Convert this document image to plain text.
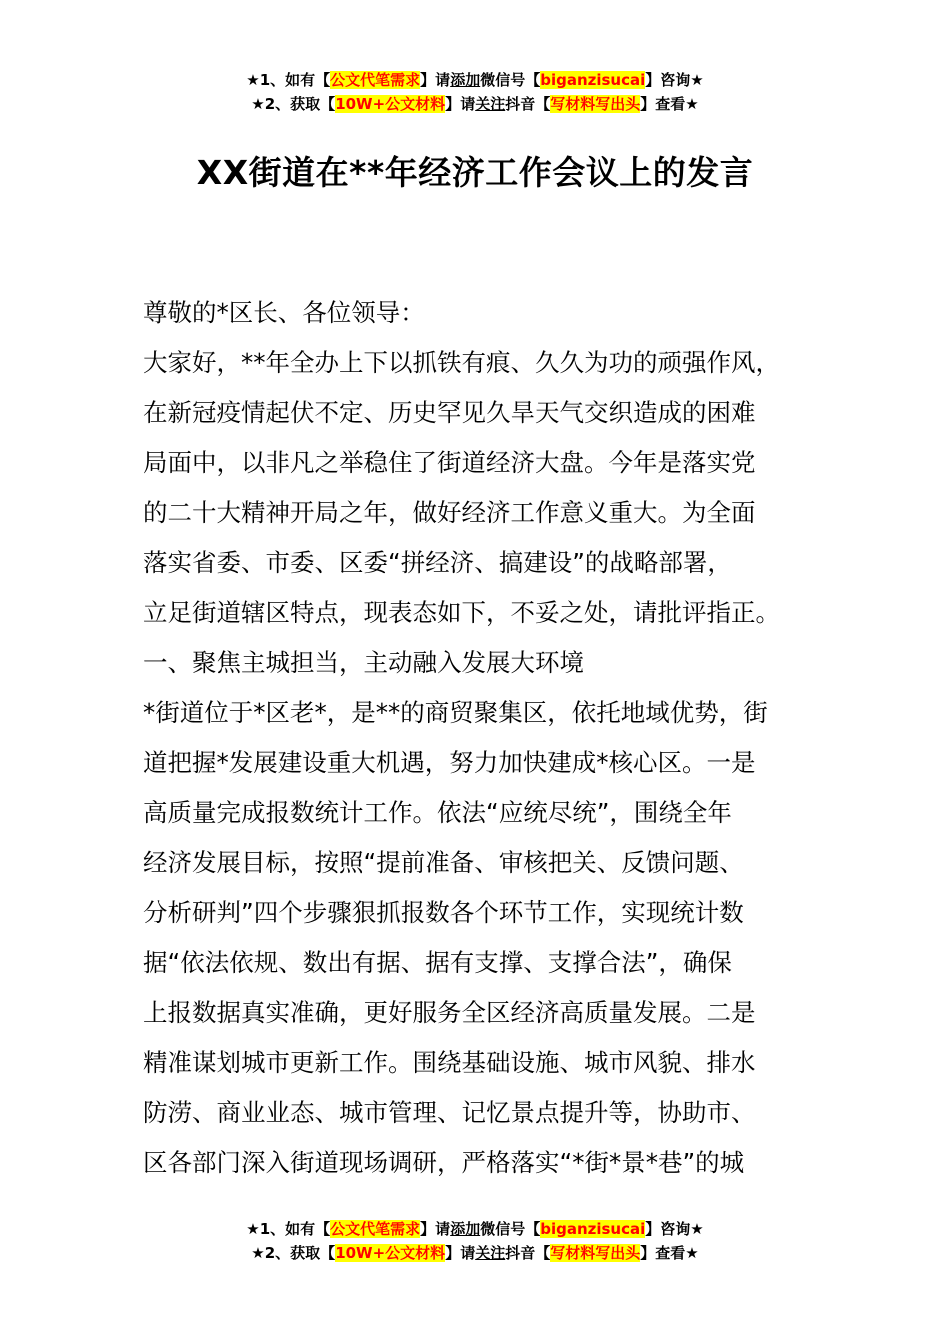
★1、如有【公文代笔需求】请添加微信号【biganzisucai】咨询★
★2、获取【10W+公文材料】请关注抖音【写材料写出头】查看★
XX街道在**年经济工作会议上的发言
尊敬的*区长、各位领导：
大家好，**年全办上下以抓铁有痕、久久为功的顽强作风，
在新冠疫情起伏不定、历史罕见久旱天气交织造成的困难
局面中，以非凡之举稳住了街道经济大盘。今年是落实党
的二十大精神开局之年，做好经济工作意义重大。为全面
落实省委、市委、区委“拼经济、搞建设”的战略部署，
立足街道辖区特点，现表态如下，不妥之处，请批评指正。
一、聚焦主城担当，主动融入发展大环境
*街道位于*区老*，是**的商贸聚集区，依托地域优势，街
道把握*发展建设重大机遇，努力加快建成*核心区。一是
高质量完成报数统计工作。依法“应统尽统”，围绕全年
经济发展目标，按照“提前准备、审核把关、反馈问题、
分析研判”四个步骤狠抓报数各个环节工作，实现统计数
据“依法依规、数出有据、据有支撑、支撑合法”，确保
上报数据真实准确，更好服务全区经济高质量发展。二是
精准谋划城市更新工作。围绕基础设施、城市风貌、排水
防涝、商业业态、城市管理、记忆景点提升等，协助市、
区各部门深入街道现场调研，严格落实“*街*景*巷”的城
★1、如有【公文代笔需求】请添加微信号【biganzisucai】咨询★
★2、获取【10W+公文材料】请关注抖音【写材料写出头】查看★
